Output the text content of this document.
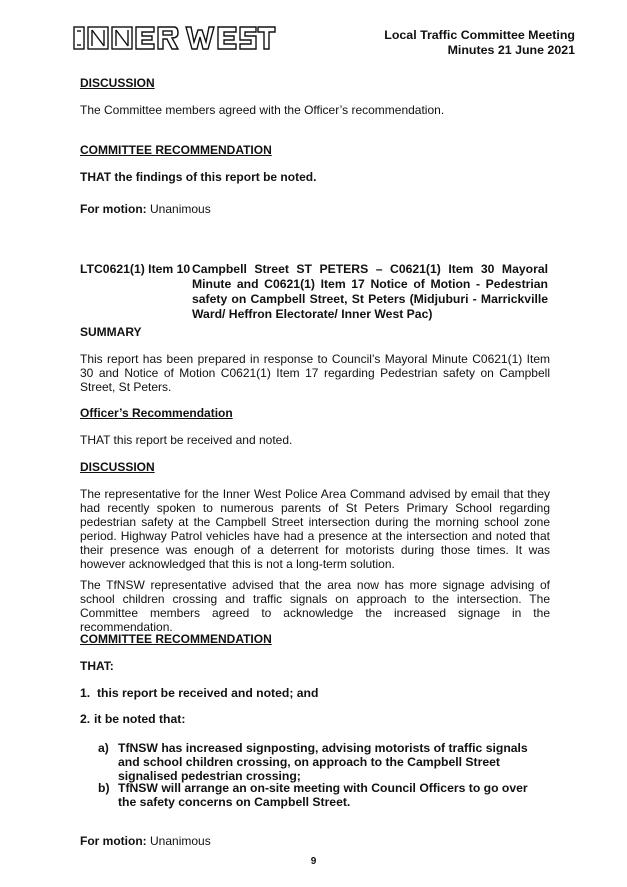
Local Traffic Committee Meeting
Minutes 21 June 2021
DISCUSSION
The Committee members agreed with the Officer’s recommendation.
COMMITTEE RECOMMENDATION
THAT the findings of this report be noted.
For motion: Unanimous
LTC0621(1) Item 10 Campbell Street ST PETERS – C0621(1) Item 30 Mayoral Minute and C0621(1) Item 17 Notice of Motion - Pedestrian safety on Campbell Street, St Peters (Midjuburi - Marrickville Ward/ Heffron Electorate/ Inner West Pac)
SUMMARY
This report has been prepared in response to Council’s Mayoral Minute C0621(1) Item 30 and Notice of Motion C0621(1) Item 17 regarding Pedestrian safety on Campbell Street, St Peters.
Officer’s Recommendation
THAT this report be received and noted.
DISCUSSION
The representative for the Inner West Police Area Command advised by email that they had recently spoken to numerous parents of St Peters Primary School regarding pedestrian safety at the Campbell Street intersection during the morning school zone period. Highway Patrol vehicles have had a presence at the intersection and noted that their presence was enough of a deterrent for motorists during those times. It was however acknowledged that this is not a long-term solution.
The TfNSW representative advised that the area now has more signage advising of school children crossing and traffic signals on approach to the intersection. The Committee members agreed to acknowledge the increased signage in the recommendation.
COMMITTEE RECOMMENDATION
THAT:
1. this report be received and noted; and
2. it be noted that:
a) TfNSW has increased signposting, advising motorists of traffic signals and school children crossing, on approach to the Campbell Street signalised pedestrian crossing;
b) TfNSW will arrange an on-site meeting with Council Officers to go over the safety concerns on Campbell Street.
For motion: Unanimous
9
